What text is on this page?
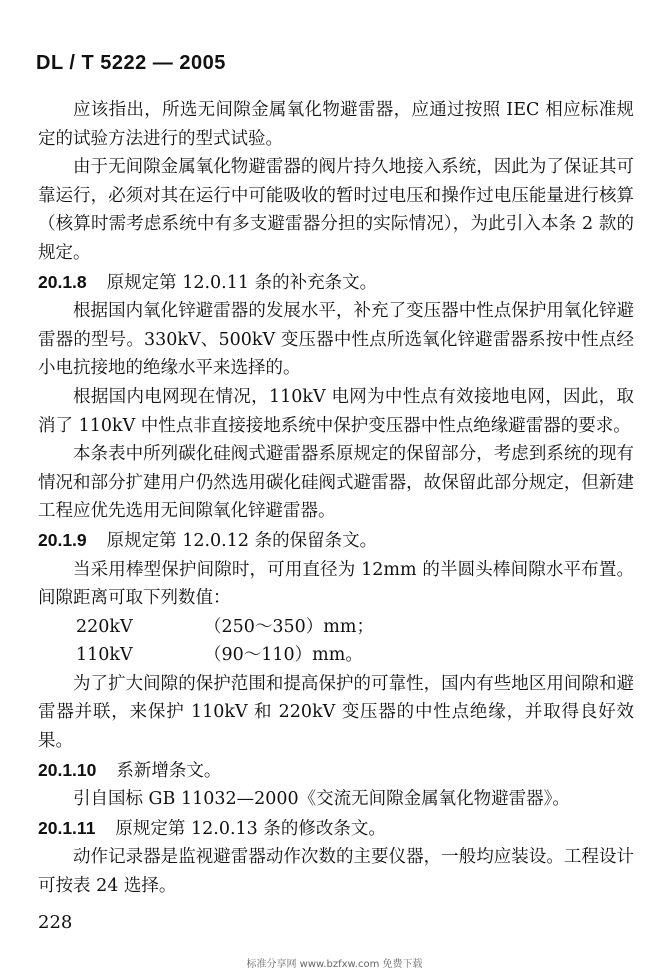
DL / T 5222 — 2005

应该指出，所选无间隙金属氧化物避雷器，应通过按照 IEC 相应标准规定的试验方法进行的型式试验。

由于无间隙金属氧化物避雷器的阀片持久地接入系统，因此为了保证其可靠运行，必须对其在运行中可能吸收的暂时过电压和操作过电压能量进行核算（核算时需考虑系统中有多支避雷器分担的实际情况），为此引入本条 2 款的规定。

20.1.8 原规定第 12.0.11 条的补充条文。

根据国内氧化锌避雷器的发展水平，补充了变压器中性点保护用氧化锌避雷器的型号。330kV、500kV 变压器中性点所选氧化锌避雷器系按中性点经小电抗接地的绝缘水平来选择的。

根据国内电网现在情况，110kV 电网为中性点有效接地电网，因此，取消了 110kV 中性点非直接接地系统中保护变压器中性点绝缘避雷器的要求。

本条表中所列碳化硅阀式避雷器系原规定的保留部分，考虑到系统的现有情况和部分扩建用户仍然选用碳化硅阀式避雷器，故保留此部分规定，但新建工程应优先选用无间隙氧化锌避雷器。

20.1.9 原规定第 12.0.12 条的保留条文。

当采用棒型保护间隙时，可用直径为 12mm 的半圆头棒间隙水平布置。间隙距离可取下列数值：

220kV	（250～350）mm；
110kV	（90～110）mm。

为了扩大间隙的保护范围和提高保护的可靠性，国内有些地区用间隙和避雷器并联，来保护 110kV 和 220kV 变压器的中性点绝缘，并取得良好效果。

20.1.10 系新增条文。

引自国标 GB 11032—2000《交流无间隙金属氧化物避雷器》。

20.1.11 原规定第 12.0.13 条的修改条文。

动作记录器是监视避雷器动作次数的主要仪器，一般均应装设。工程设计可按表 24 选择。

228
标准分享网 www.bzfxw.com 免费下载
